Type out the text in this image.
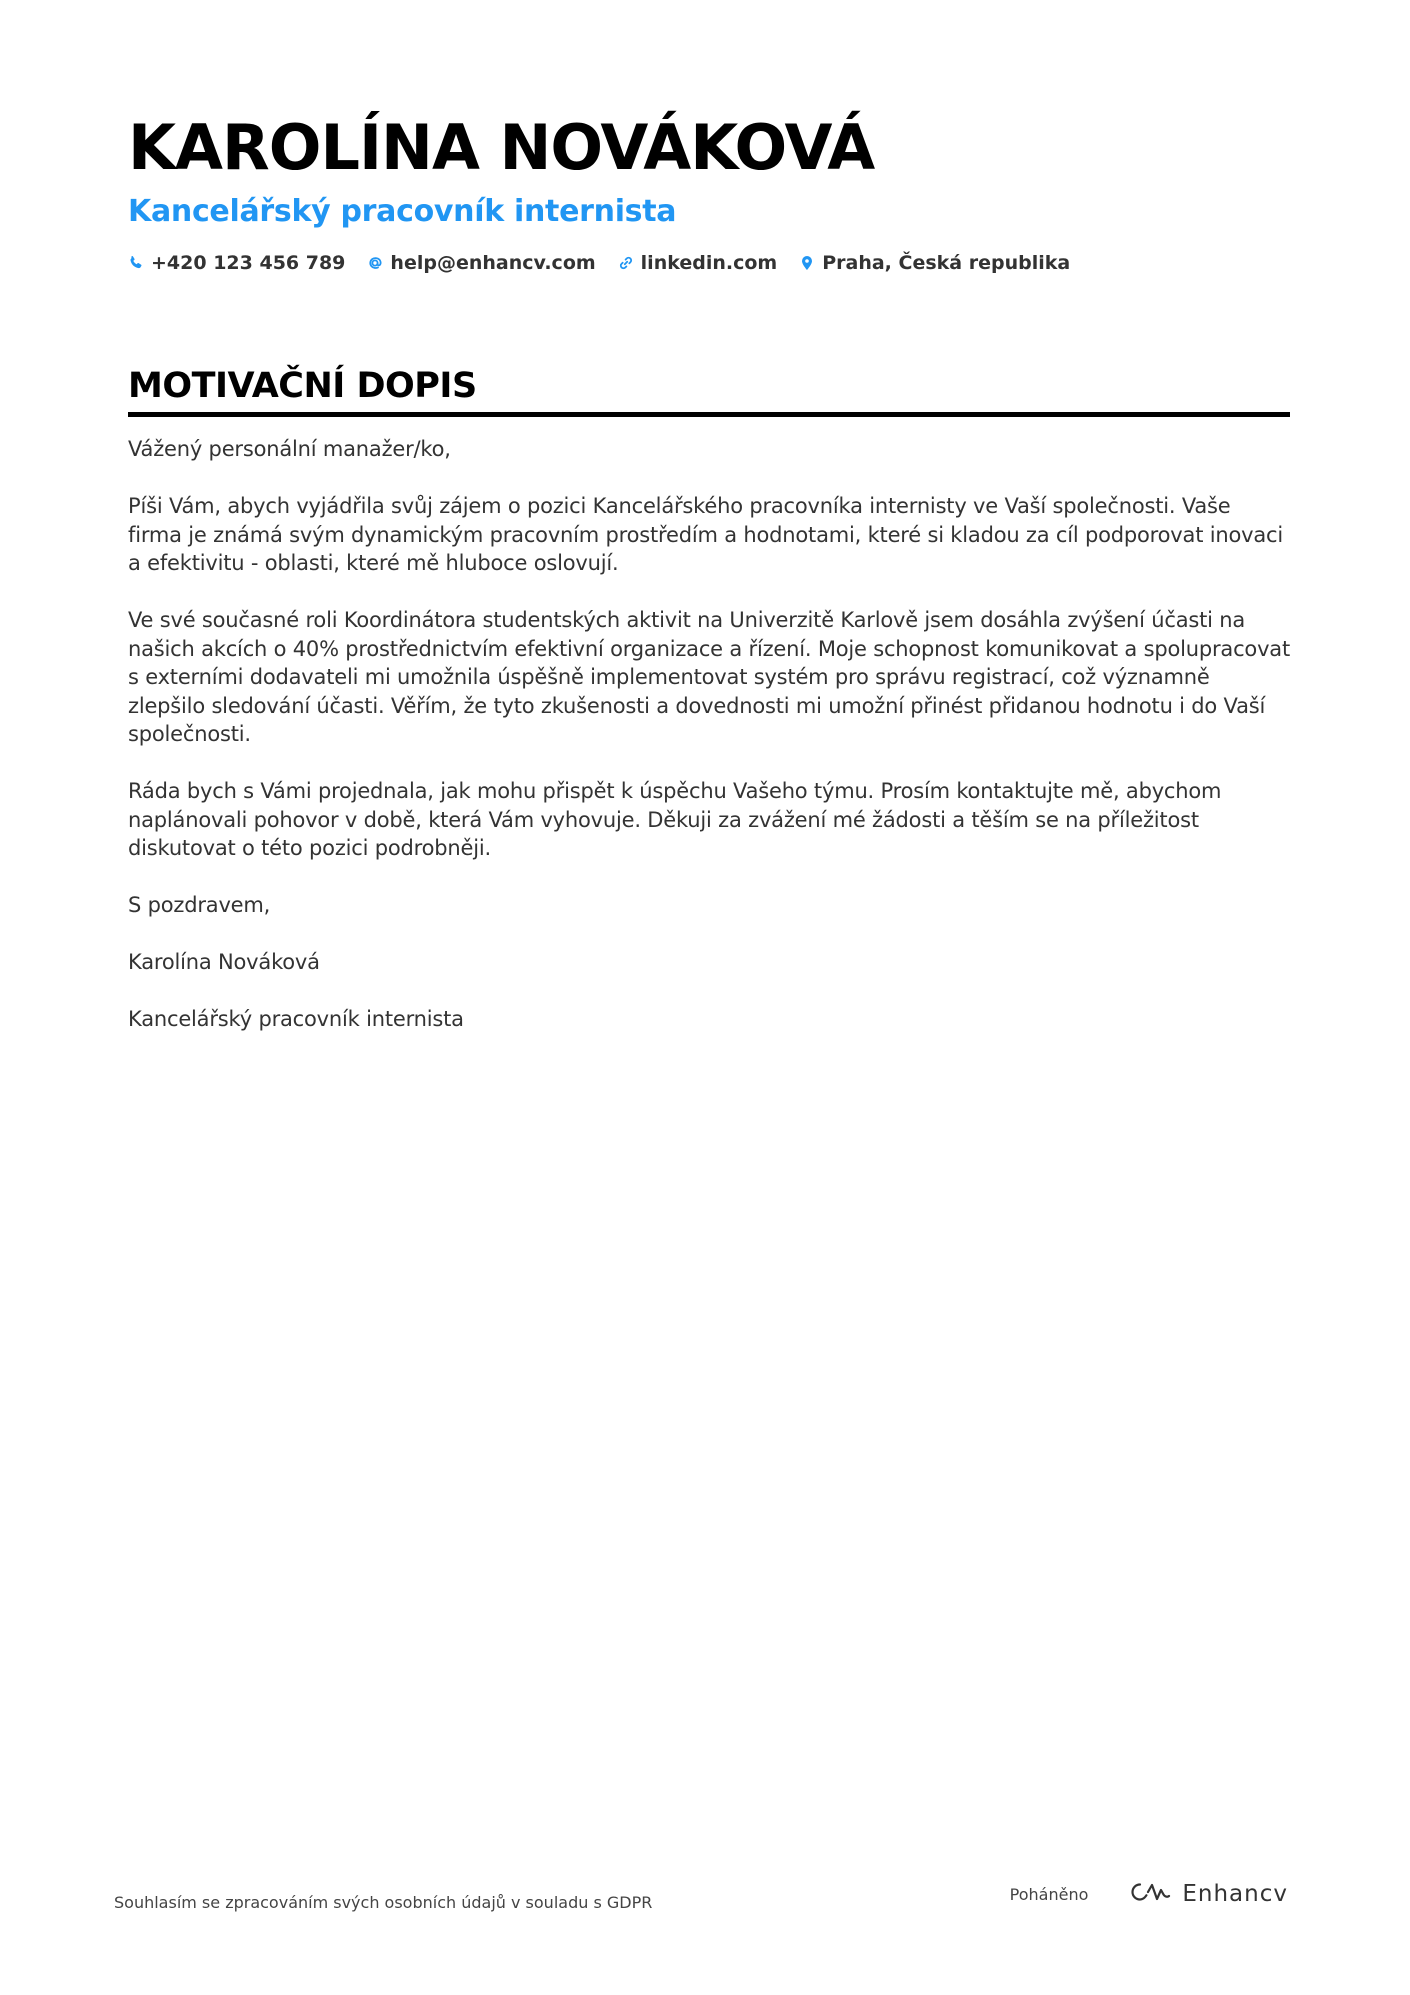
KAROLÍNA NOVÁKOVÁ
Kancelářský pracovník internista
+420 123 456 789 help@enhancv.com linkedin.com Praha, Česká republika
MOTIVAČNÍ DOPIS

Vážený personální manažer/ko,

Píši Vám, abych vyjádřila svůj zájem o pozici Kancelářského pracovníka internisty ve Vaší společnosti. Vaše firma je známá svým dynamickým pracovním prostředím a hodnotami, které si kladou za cíl podporovat inovaci a efektivitu - oblasti, které mě hluboce oslovují.

Ve své současné roli Koordinátora studentských aktivit na Univerzitě Karlově jsem dosáhla zvýšení účasti na našich akcích o 40% prostřednictvím efektivní organizace a řízení. Moje schopnost komunikovat a spolupracovat s externími dodavateli mi umožnila úspěšně implementovat systém pro správu registrací, což významně zlepšilo sledování účasti. Věřím, že tyto zkušenosti a dovednosti mi umožní přinést přidanou hodnotu i do Vaší společnosti.

Ráda bych s Vámi projednala, jak mohu přispět k úspěchu Vašeho týmu. Prosím kontaktujte mě, abychom naplánovali pohovor v době, která Vám vyhovuje. Děkuji za zvážení mé žádosti a těším se na příležitost diskutovat o této pozici podrobněji.

S pozdravem,

Karolína Nováková

Kancelářský pracovník internista

Souhlasím se zpracováním svých osobních údajů v souladu s GDPR	Poháněno	Enhancv
